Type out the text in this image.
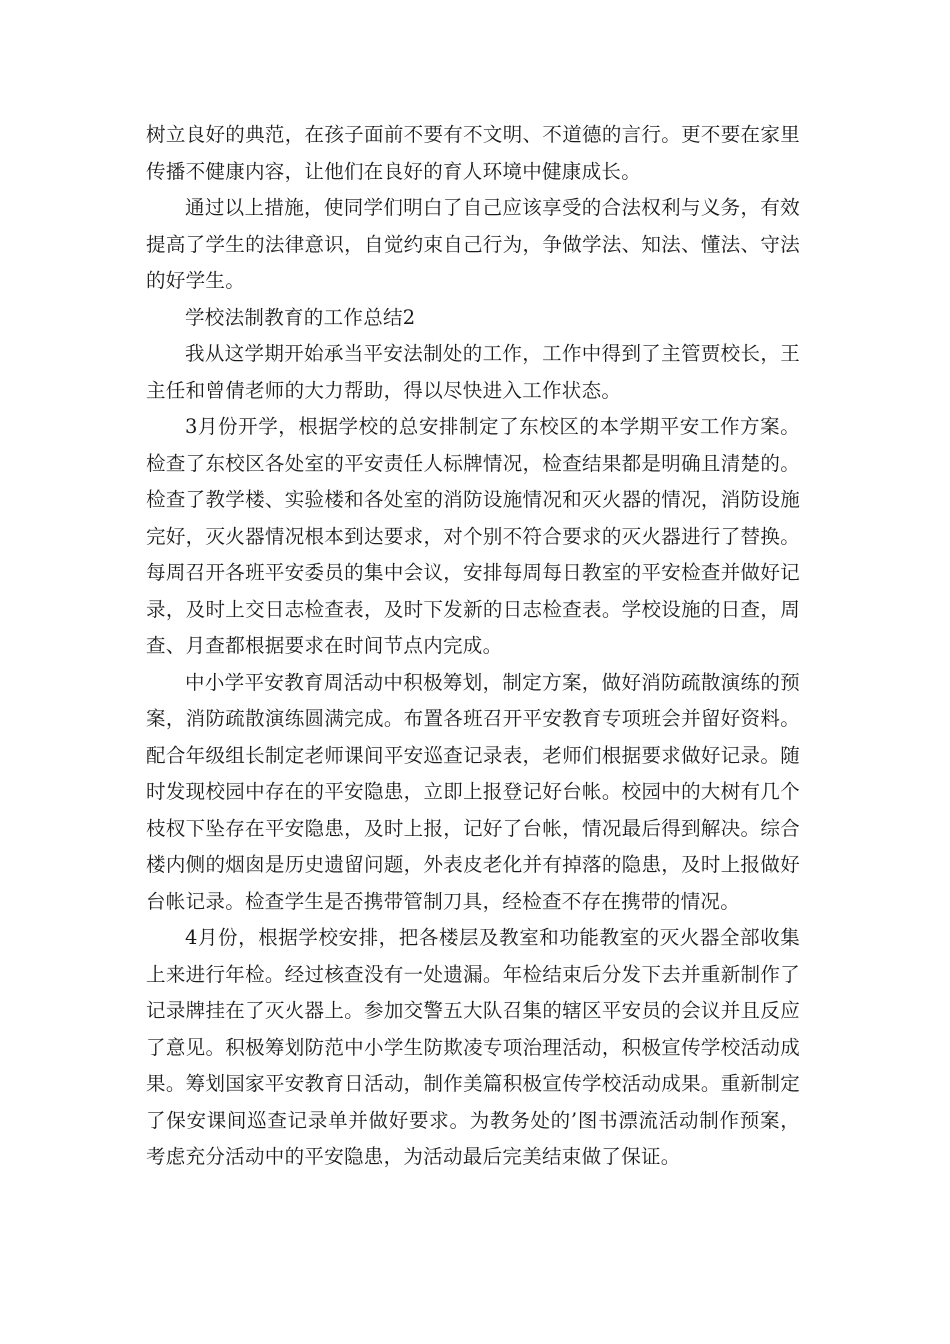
树立良好的典范，在孩子面前不要有不文明、不道德的言行。更不要在家里传播不健康内容，让他们在良好的育人环境中健康成长。

通过以上措施，使同学们明白了自己应该享受的合法权利与义务，有效提高了学生的法律意识，自觉约束自己行为，争做学法、知法、懂法、守法的好学生。

学校法制教育的工作总结2

我从这学期开始承当平安法制处的工作，工作中得到了主管贾校长，王主任和曾倩老师的大力帮助，得以尽快进入工作状态。

3月份开学，根据学校的总安排制定了东校区的本学期平安工作方案。检查了东校区各处室的平安责任人标牌情况，检查结果都是明确且清楚的。检查了教学楼、实验楼和各处室的消防设施情况和灭火器的情况，消防设施完好，灭火器情况根本到达要求，对个别不符合要求的灭火器进行了替换。每周召开各班平安委员的集中会议，安排每周每日教室的平安检查并做好记录，及时上交日志检查表，及时下发新的日志检查表。学校设施的日查，周查、月查都根据要求在时间节点内完成。

中小学平安教育周活动中积极筹划，制定方案，做好消防疏散演练的预案，消防疏散演练圆满完成。布置各班召开平安教育专项班会并留好资料。配合年级组长制定老师课间平安巡查记录表，老师们根据要求做好记录。随时发现校园中存在的平安隐患，立即上报登记好台帐。校园中的大树有几个枝杈下坠存在平安隐患，及时上报，记好了台帐，情况最后得到解决。综合楼内侧的烟囱是历史遗留问题，外表皮老化并有掉落的隐患，及时上报做好台帐记录。检查学生是否携带管制刀具，经检查不存在携带的情况。

4月份，根据学校安排，把各楼层及教室和功能教室的灭火器全部收集上来进行年检。经过核查没有一处遗漏。年检结束后分发下去并重新制作了记录牌挂在了灭火器上。参加交警五大队召集的辖区平安员的会议并且反应了意见。积极筹划防范中小学生防欺凌专项治理活动，积极宣传学校活动成果。筹划国家平安教育日活动，制作美篇积极宣传学校活动成果。重新制定了保安课间巡查记录单并做好要求。为教务处的’图书漂流活动制作预案，考虑充分活动中的平安隐患，为活动最后完美结束做了保证。
